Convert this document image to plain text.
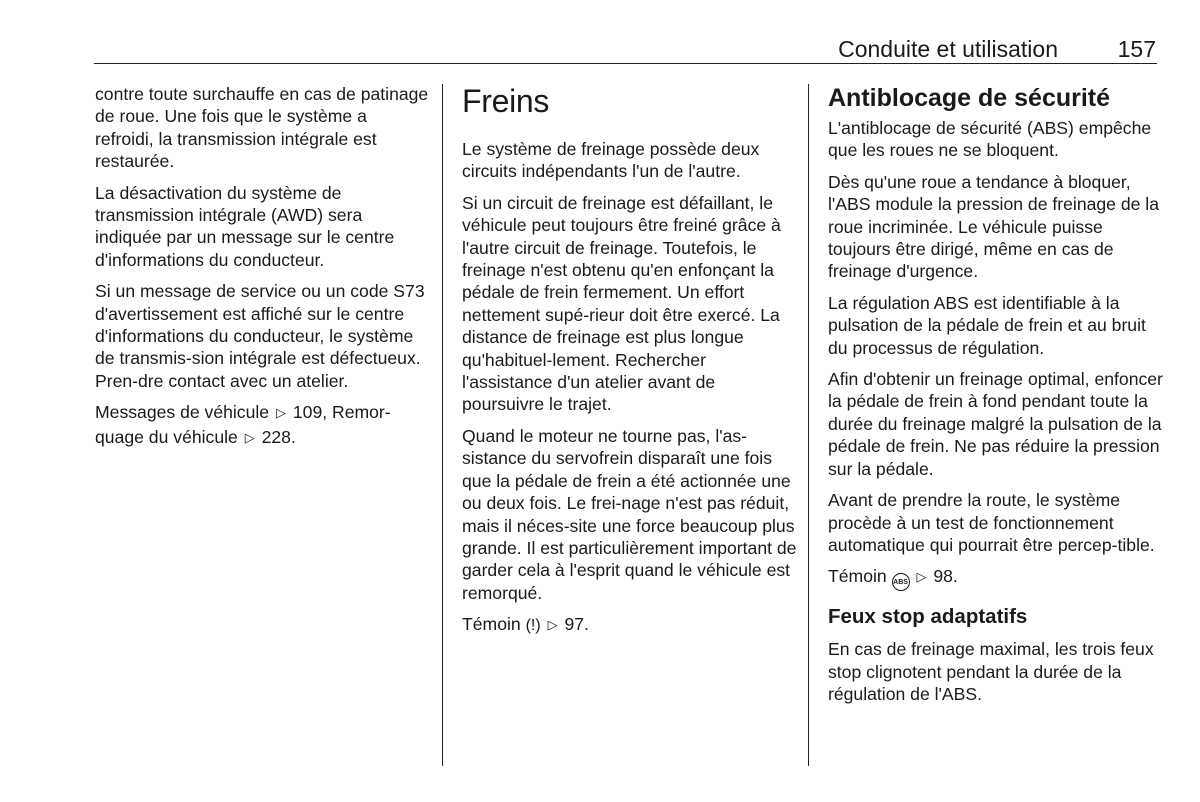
Conduite et utilisation	157

contre toute surchauffe en cas de patinage de roue. Une fois que le système a refroidi, la transmission intégrale est restaurée.

La désactivation du système de transmission intégrale (AWD) sera indiquée par un message sur le centre d'informations du conducteur.

Si un message de service ou un code S73 d'avertissement est affiché sur le centre d'informations du conducteur, le système de transmis‐sion intégrale est défectueux. Pren‐dre contact avec un atelier.

Messages de véhicule ▷ 109, Remor‐quage du véhicule ▷ 228.

Freins

Le système de freinage possède deux circuits indépendants l'un de l'autre.

Si un circuit de freinage est défaillant, le véhicule peut toujours être freiné grâce à l'autre circuit de freinage. Toutefois, le freinage n'est obtenu qu'en enfonçant la pédale de frein fermement. Un effort nettement supé‐rieur doit être exercé. La distance de freinage est plus longue qu'habituel‐lement. Rechercher l'assistance d'un atelier avant de poursuivre le trajet.

Quand le moteur ne tourne pas, l'as‐sistance du servofrein disparaît une fois que la pédale de frein a été actionnée une ou deux fois. Le frei‐nage n'est pas réduit, mais il néces‐site une force beaucoup plus grande. Il est particulièrement important de garder cela à l'esprit quand le véhicule est remorqué.

Témoin (!) ▷ 97.

Antiblocage de sécurité

L'antiblocage de sécurité (ABS) empêche que les roues ne se bloquent.

Dès qu'une roue a tendance à bloquer, l'ABS module la pression de freinage de la roue incriminée. Le véhicule puisse toujours être dirigé, même en cas de freinage d'urgence.

La régulation ABS est identifiable à la pulsation de la pédale de frein et au bruit du processus de régulation.

Afin d'obtenir un freinage optimal, enfoncer la pédale de frein à fond pendant toute la durée du freinage malgré la pulsation de la pédale de frein. Ne pas réduire la pression sur la pédale.

Avant de prendre la route, le système procède à un test de fonctionnement automatique qui pourrait être percep‐tible.

Témoin ABS ▷ 98.

Feux stop adaptatifs

En cas de freinage maximal, les trois feux stop clignotent pendant la durée de la régulation de l'ABS.
